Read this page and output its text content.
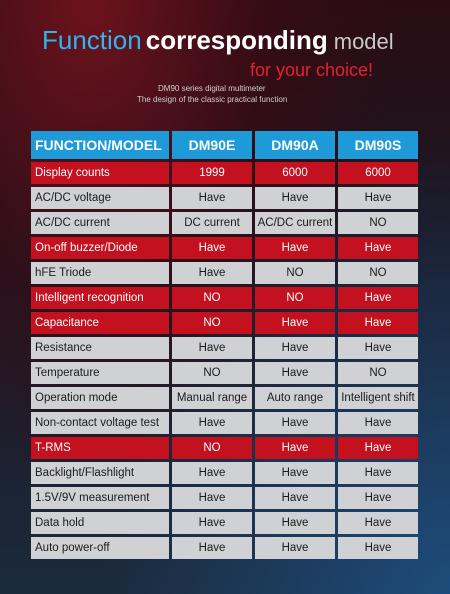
Function corresponding model
for your choice!
DM90 series digital multimeter
The design of the classic practical function
FUNCTION/MODEL	DM90E	DM90A	DM90S
Display counts	1999	6000	6000
AC/DC voltage	Have	Have	Have
AC/DC current	DC current	AC/DC current	NO
On-off buzzer/Diode	Have	Have	Have
hFE Triode	Have	NO	NO
Intelligent recognition	NO	NO	Have
Capacitance	NO	Have	Have
Resistance	Have	Have	Have
Temperature	NO	Have	NO
Operation mode	Manual range	Auto range	Intelligent shift
Non-contact voltage test	Have	Have	Have
T-RMS	NO	Have	Have
Backlight/Flashlight	Have	Have	Have
1.5V/9V measurement	Have	Have	Have
Data hold	Have	Have	Have
Auto power-off	Have	Have	Have
